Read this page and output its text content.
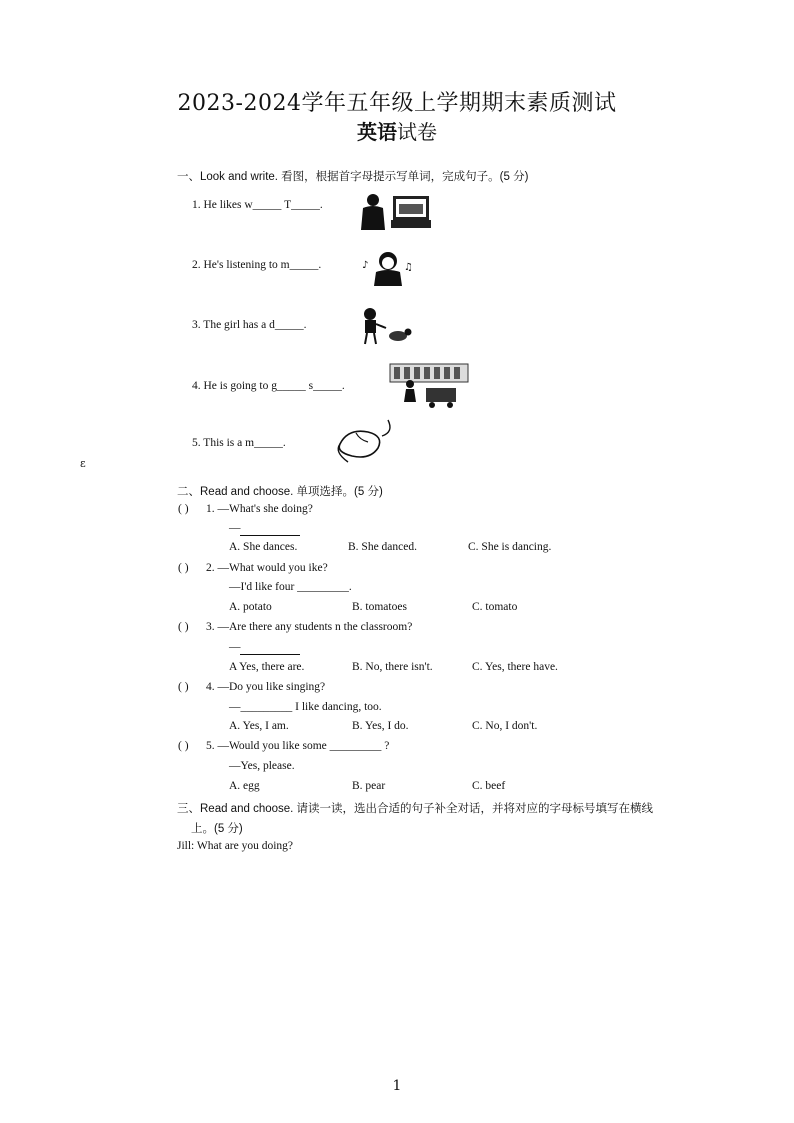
2023-2024学年五年级上学期期末素质测试
英语试卷
一、Look and write. 看图，根据首字母提示写单词，完成句子。(5 分)
1. He likes w_____ T_____.
2. He's listening to m_____.	♪	♫
3. The girl has a d_____.
4. He is going to g_____ s_____.
5. This is a m_____.
ɛ
二、Read and choose. 单项选择。(5 分)
( ) 1. —What's she doing?
—
A. She dances.	B. She danced.	C. She is dancing.
( ) 2. —What would you ike?
—I'd like four _________.
A. potato	B. tomatoes	C. tomato
( ) 3. —Are there any students n the classroom?
—
A Yes, there are.	B. No, there isn't.	C. Yes, there have.
( ) 4. —Do you like singing?
—_________ I like dancing, too.
A. Yes, I am.	B. Yes, I do.	C. No, I don't.
( ) 5. —Would you like some _________ ?
—Yes, please.
A. egg	B. pear	C. beef
三、Read and choose. 请读一读，选出合适的句子补全对话，并将对应的字母标号填写在横线
上。(5 分)
Jill: What are you doing?
1
